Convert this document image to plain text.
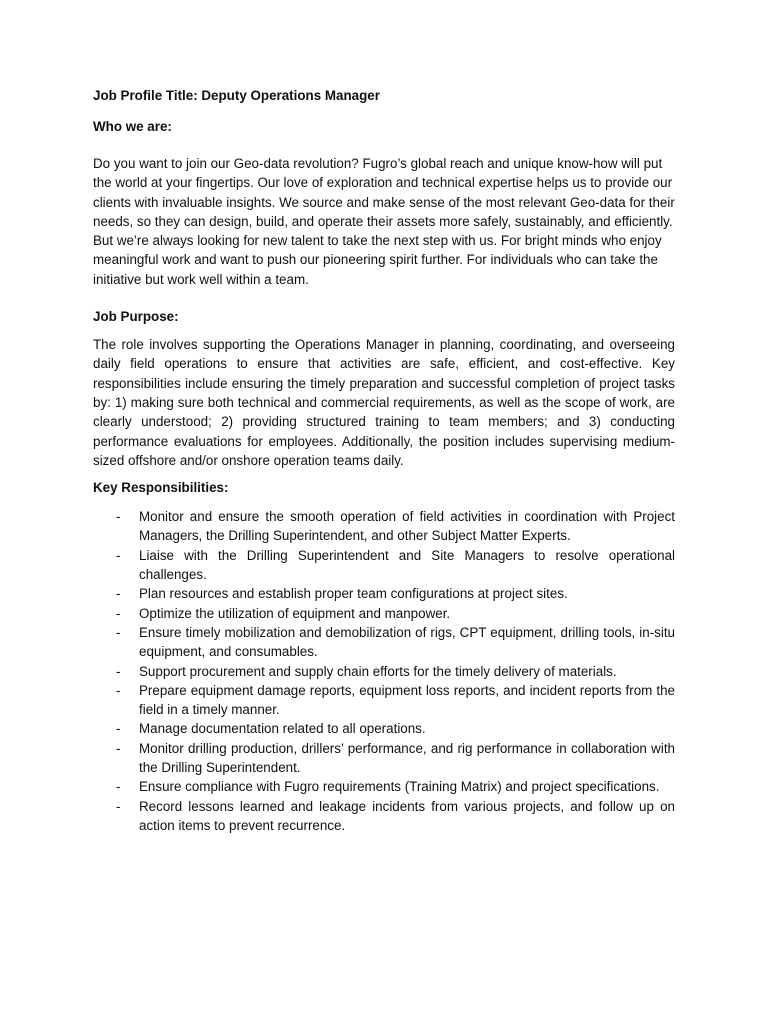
Job Profile Title: Deputy Operations Manager

Who we are:

Do you want to join our Geo-data revolution? Fugro’s global reach and unique know-how will put the world at your fingertips. Our love of exploration and technical expertise helps us to provide our clients with invaluable insights. We source and make sense of the most relevant Geo-data for their needs, so they can design, build, and operate their assets more safely, sustainably, and efficiently. But we’re always looking for new talent to take the next step with us. For bright minds who enjoy meaningful work and want to push our pioneering spirit further. For individuals who can take the initiative but work well within a team.

Job Purpose:

The role involves supporting the Operations Manager in planning, coordinating, and overseeing daily field operations to ensure that activities are safe, efficient, and cost-effective. Key responsibilities include ensuring the timely preparation and successful completion of project tasks by: 1) making sure both technical and commercial requirements, as well as the scope of work, are clearly understood; 2) providing structured training to team members; and 3) conducting performance evaluations for employees. Additionally, the position includes supervising medium-sized offshore and/or onshore operation teams daily.

Key Responsibilities:

- Monitor and ensure the smooth operation of field activities in coordination with Project Managers, the Drilling Superintendent, and other Subject Matter Experts.
- Liaise with the Drilling Superintendent and Site Managers to resolve operational challenges.
- Plan resources and establish proper team configurations at project sites.
- Optimize the utilization of equipment and manpower.
- Ensure timely mobilization and demobilization of rigs, CPT equipment, drilling tools, in-situ equipment, and consumables.
- Support procurement and supply chain efforts for the timely delivery of materials.
- Prepare equipment damage reports, equipment loss reports, and incident reports from the field in a timely manner.
- Manage documentation related to all operations.
- Monitor drilling production, drillers’ performance, and rig performance in collaboration with the Drilling Superintendent.
- Ensure compliance with Fugro requirements (Training Matrix) and project specifications.
- Record lessons learned and leakage incidents from various projects, and follow up on action items to prevent recurrence.
